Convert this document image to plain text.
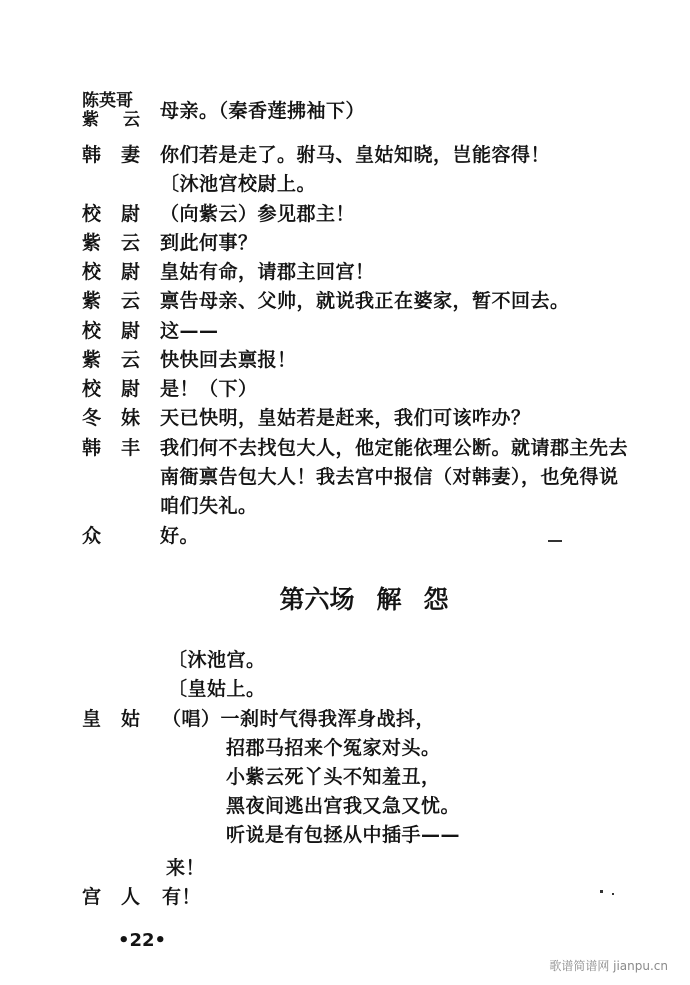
陈英哥
紫 云 母亲。（秦香莲拂袖下）
韩 妻 你们若是走了。驸马、皇姑知晓，岂能容得！
〔沐池宫校尉上。
校 尉 （向紫云）参见郡主！
紫 云 到此何事？
校 尉 皇姑有命，请郡主回宫！
紫 云 禀告母亲、父帅，就说我正在婆家，暂不回去。
校 尉 这——
紫 云 快快回去禀报！
校 尉 是！（下）
冬 妹 天已快明，皇姑若是赶来，我们可该咋办？
韩 丰 我们何不去找包大人，他定能依理公断。就请郡主先去
南衙禀告包大人！我去宫中报信（对韩妻），也免得说
咱们失礼。
众	好。
第六场 解怨
〔沐池宫。
〔皇姑上。
皇 姑 （唱）一刹时气得我浑身战抖，
招郡马招来个冤家对头。
小紫云死丫头不知羞丑，
黑夜间逃出宫我又急又忧。
听说是有包拯从中插手——
来！
宫 人 有！
•22•
歌谱简谱网 jianpu.cn
